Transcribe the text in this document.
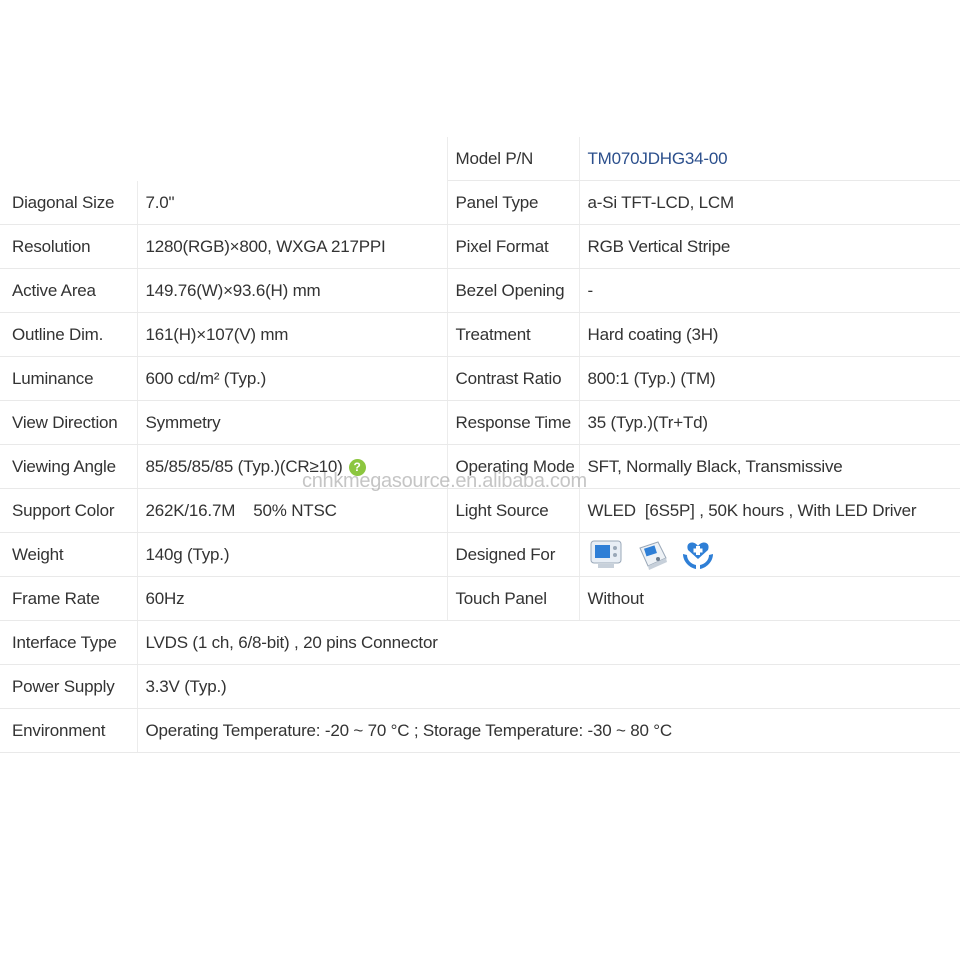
		Model P/N	TM070JDHG34-00
Diagonal Size	7.0"	Panel Type	a-Si TFT-LCD, LCM
Resolution	1280(RGB)×800, WXGA 217PPI	Pixel Format	RGB Vertical Stripe
Active Area	149.76(W)×93.6(H) mm	Bezel Opening	-
Outline Dim.	161(H)×107(V) mm	Treatment	Hard coating (3H)
Luminance	600 cd/m² (Typ.)	Contrast Ratio	800:1 (Typ.) (TM)
View Direction	Symmetry	Response Time	35 (Typ.)(Tr+Td)
Viewing Angle	85/85/85/85 (Typ.)(CR≥10) ?	Operating Mode	SFT, Normally Black, Transmissive
Support Color	262K/16.7M    50% NTSC	Light Source	WLED  [6S5P] , 50K hours , With LED Driver
Weight	140g (Typ.)	Designed For	

Frame Rate	60Hz	Touch Panel	Without
Interface Type	LVDS (1 ch, 6/8-bit) , 20 pins Connector		
Power Supply	3.3V (Typ.)		
Environment	Operating Temperature: -20 ~ 70 °C ; Storage Temperature: -30 ~ 80 °C		
cnhkmegasource.en.alibaba.com
